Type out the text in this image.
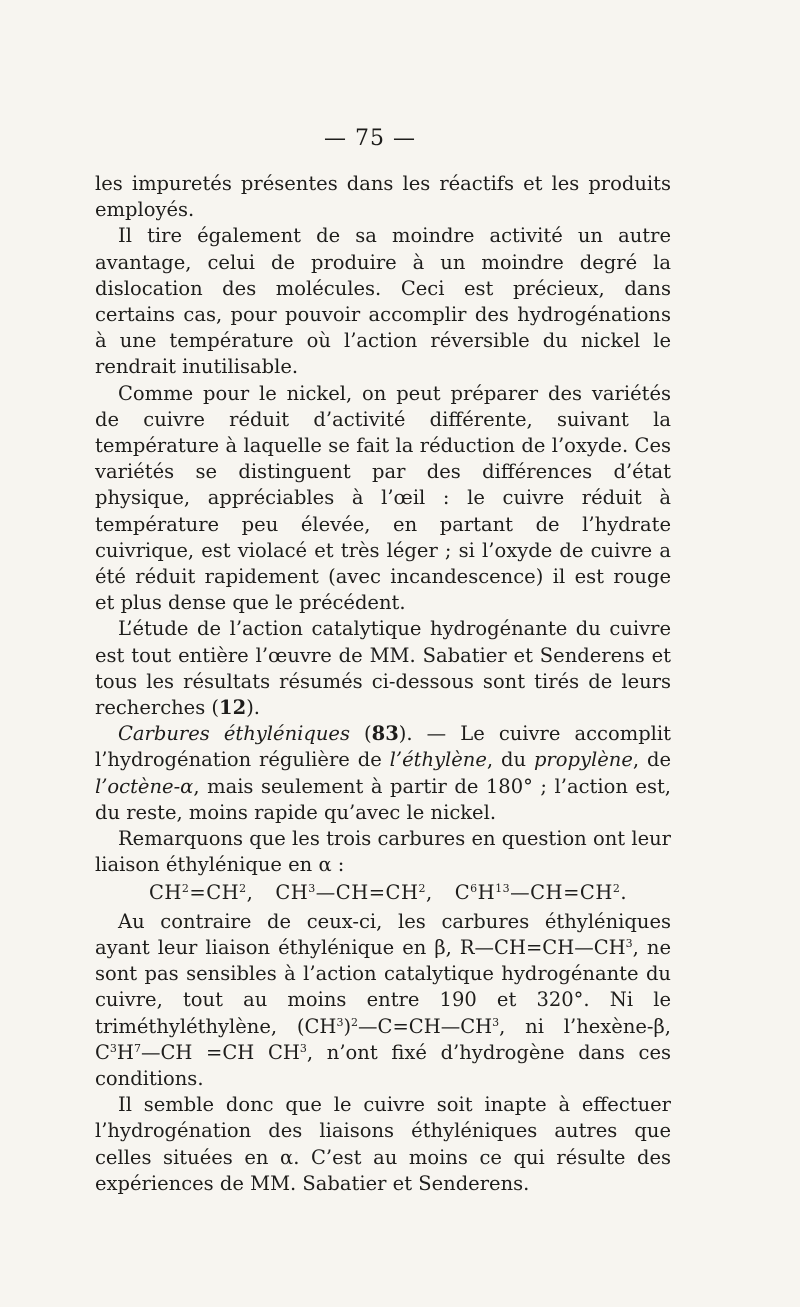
— 75 —

les impuretés présentes dans les réactifs et les produits employés.

Il tire également de sa moindre activité un autre avantage, celui de produire à un moindre degré la dislocation des molécules. Ceci est précieux, dans certains cas, pour pouvoir accomplir des hydrogénations à une température où l’action réversible du nickel le rendrait inutilisable.

Comme pour le nickel, on peut préparer des variétés de cuivre réduit d’activité différente, suivant la température à laquelle se fait la réduction de l’oxyde. Ces variétés se distinguent par des différences d’état physique, appréciables à l’œil : le cuivre réduit à température peu élevée, en partant de l’hydrate cuivrique, est violacé et très léger ; si l’oxyde de cuivre a été réduit rapidement (avec incandescence) il est rouge et plus dense que le précédent.

L’étude de l’action catalytique hydrogénante du cuivre est tout entière l’œuvre de MM. Sabatier et Senderens et tous les résultats résumés ci-dessous sont tirés de leurs recherches (12).

Carbures éthyléniques (83). — Le cuivre accomplit l’hydrogénation régulière de l’éthylène, du propylène, de l’octène-α, mais seulement à partir de 180° ; l’action est, du reste, moins rapide qu’avec le nickel.

Remarquons que les trois carbures en question ont leur liaison éthylénique en α :

$CH^2=CH^2$, $CH^3—CH=CH^2$, $C^6H^{13}—CH=CH^2$.

Au contraire de ceux-ci, les carbures éthyléniques ayant leur liaison éthylénique en β, $R—CH=CH—CH^3$, ne sont pas sensibles à l’action catalytique hydrogénante du cuivre, tout au moins entre 190 et 320°. Ni le triméthyléthylène, $(CH^3)^2—C=CH—CH^3$, ni l’hexène-β, $C^3H^7—CH =CH$ $CH^3$, n’ont fixé d’hydrogène dans ces conditions.

Il semble donc que le cuivre soit inapte à effectuer l’hydrogénation des liaisons éthyléniques autres que celles situées en α. C’est au moins ce qui résulte des expériences de MM. Sabatier et Senderens.
